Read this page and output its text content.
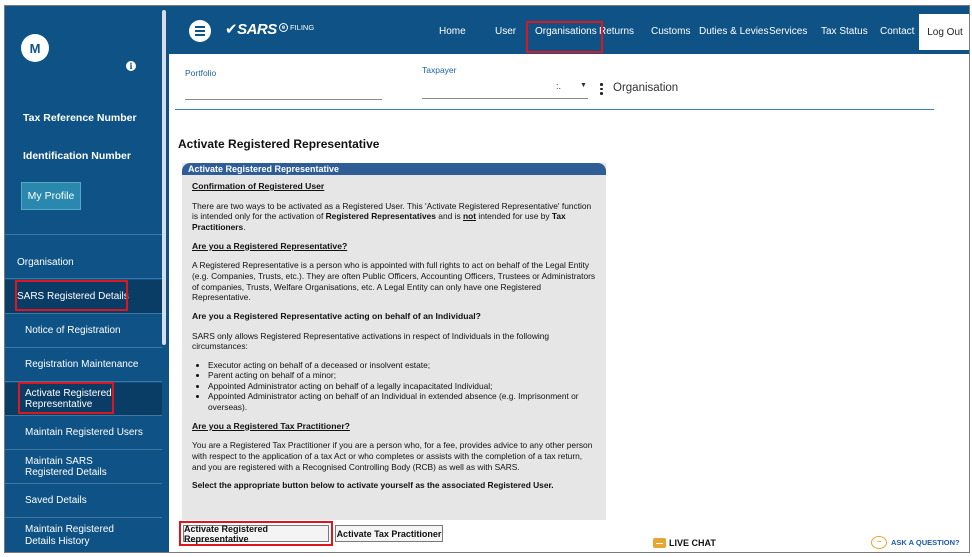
M
i
Tax Reference Number
Identification Number
My Profile
Organisation
SARS Registered Details
Notice of Registration
Registration Maintenance
Activate Registered Representative
Maintain Registered Users
Maintain SARS Registered Details
Saved Details
Maintain Registered Details History
✔SARS e FILING	Home	User Organisations Returns Customs Duties & Levies Services Tax Status Contact	Log Out
Portfolio	Taxpayer
:.	▼ Organisation
Activate Registered Representative
Activate Registered Representative
Confirmation of Registered User

There are two ways to be activated as a Registered User. This 'Activate Registered Representative' function is intended only for the activation of Registered Representatives and is not intended for use by Tax Practitioners.

Are you a Registered Representative?

A Registered Representative is a person who is appointed with full rights to act on behalf of the Legal Entity (e.g. Companies, Trusts, etc.). They are often Public Officers, Accounting Officers, Trustees or Administrators of companies, Trusts, Welfare Organisations, etc. A Legal Entity can only have one Registered Representative.

Are you a Registered Representative acting on behalf of an Individual?

SARS only allows Registered Representative activations in respect of Individuals in the following circumstances:

• Executor acting on behalf of a deceased or insolvent estate;
• Parent acting on behalf of a minor;
• Appointed Administrator acting on behalf of a legally incapacitated Individual;
• Appointed Administrator acting on behalf of an Individual in extended absence (e.g. Imprisonment or overseas).
Are you a Registered Tax Practitioner?

You are a Registered Tax Practitioner if you are a person who, for a fee, provides advice to any other person with respect to the application of a tax Act or who completes or assists with the completion of a tax return, and you are registered with a Recognised Controlling Body (RCB) as well as with SARS.

Select the appropriate button below to activate yourself as the associated Registered User.

Activate Registered Representative	Activate Tax Practitioner
LIVE CHAT	···	ASK A QUESTION?
